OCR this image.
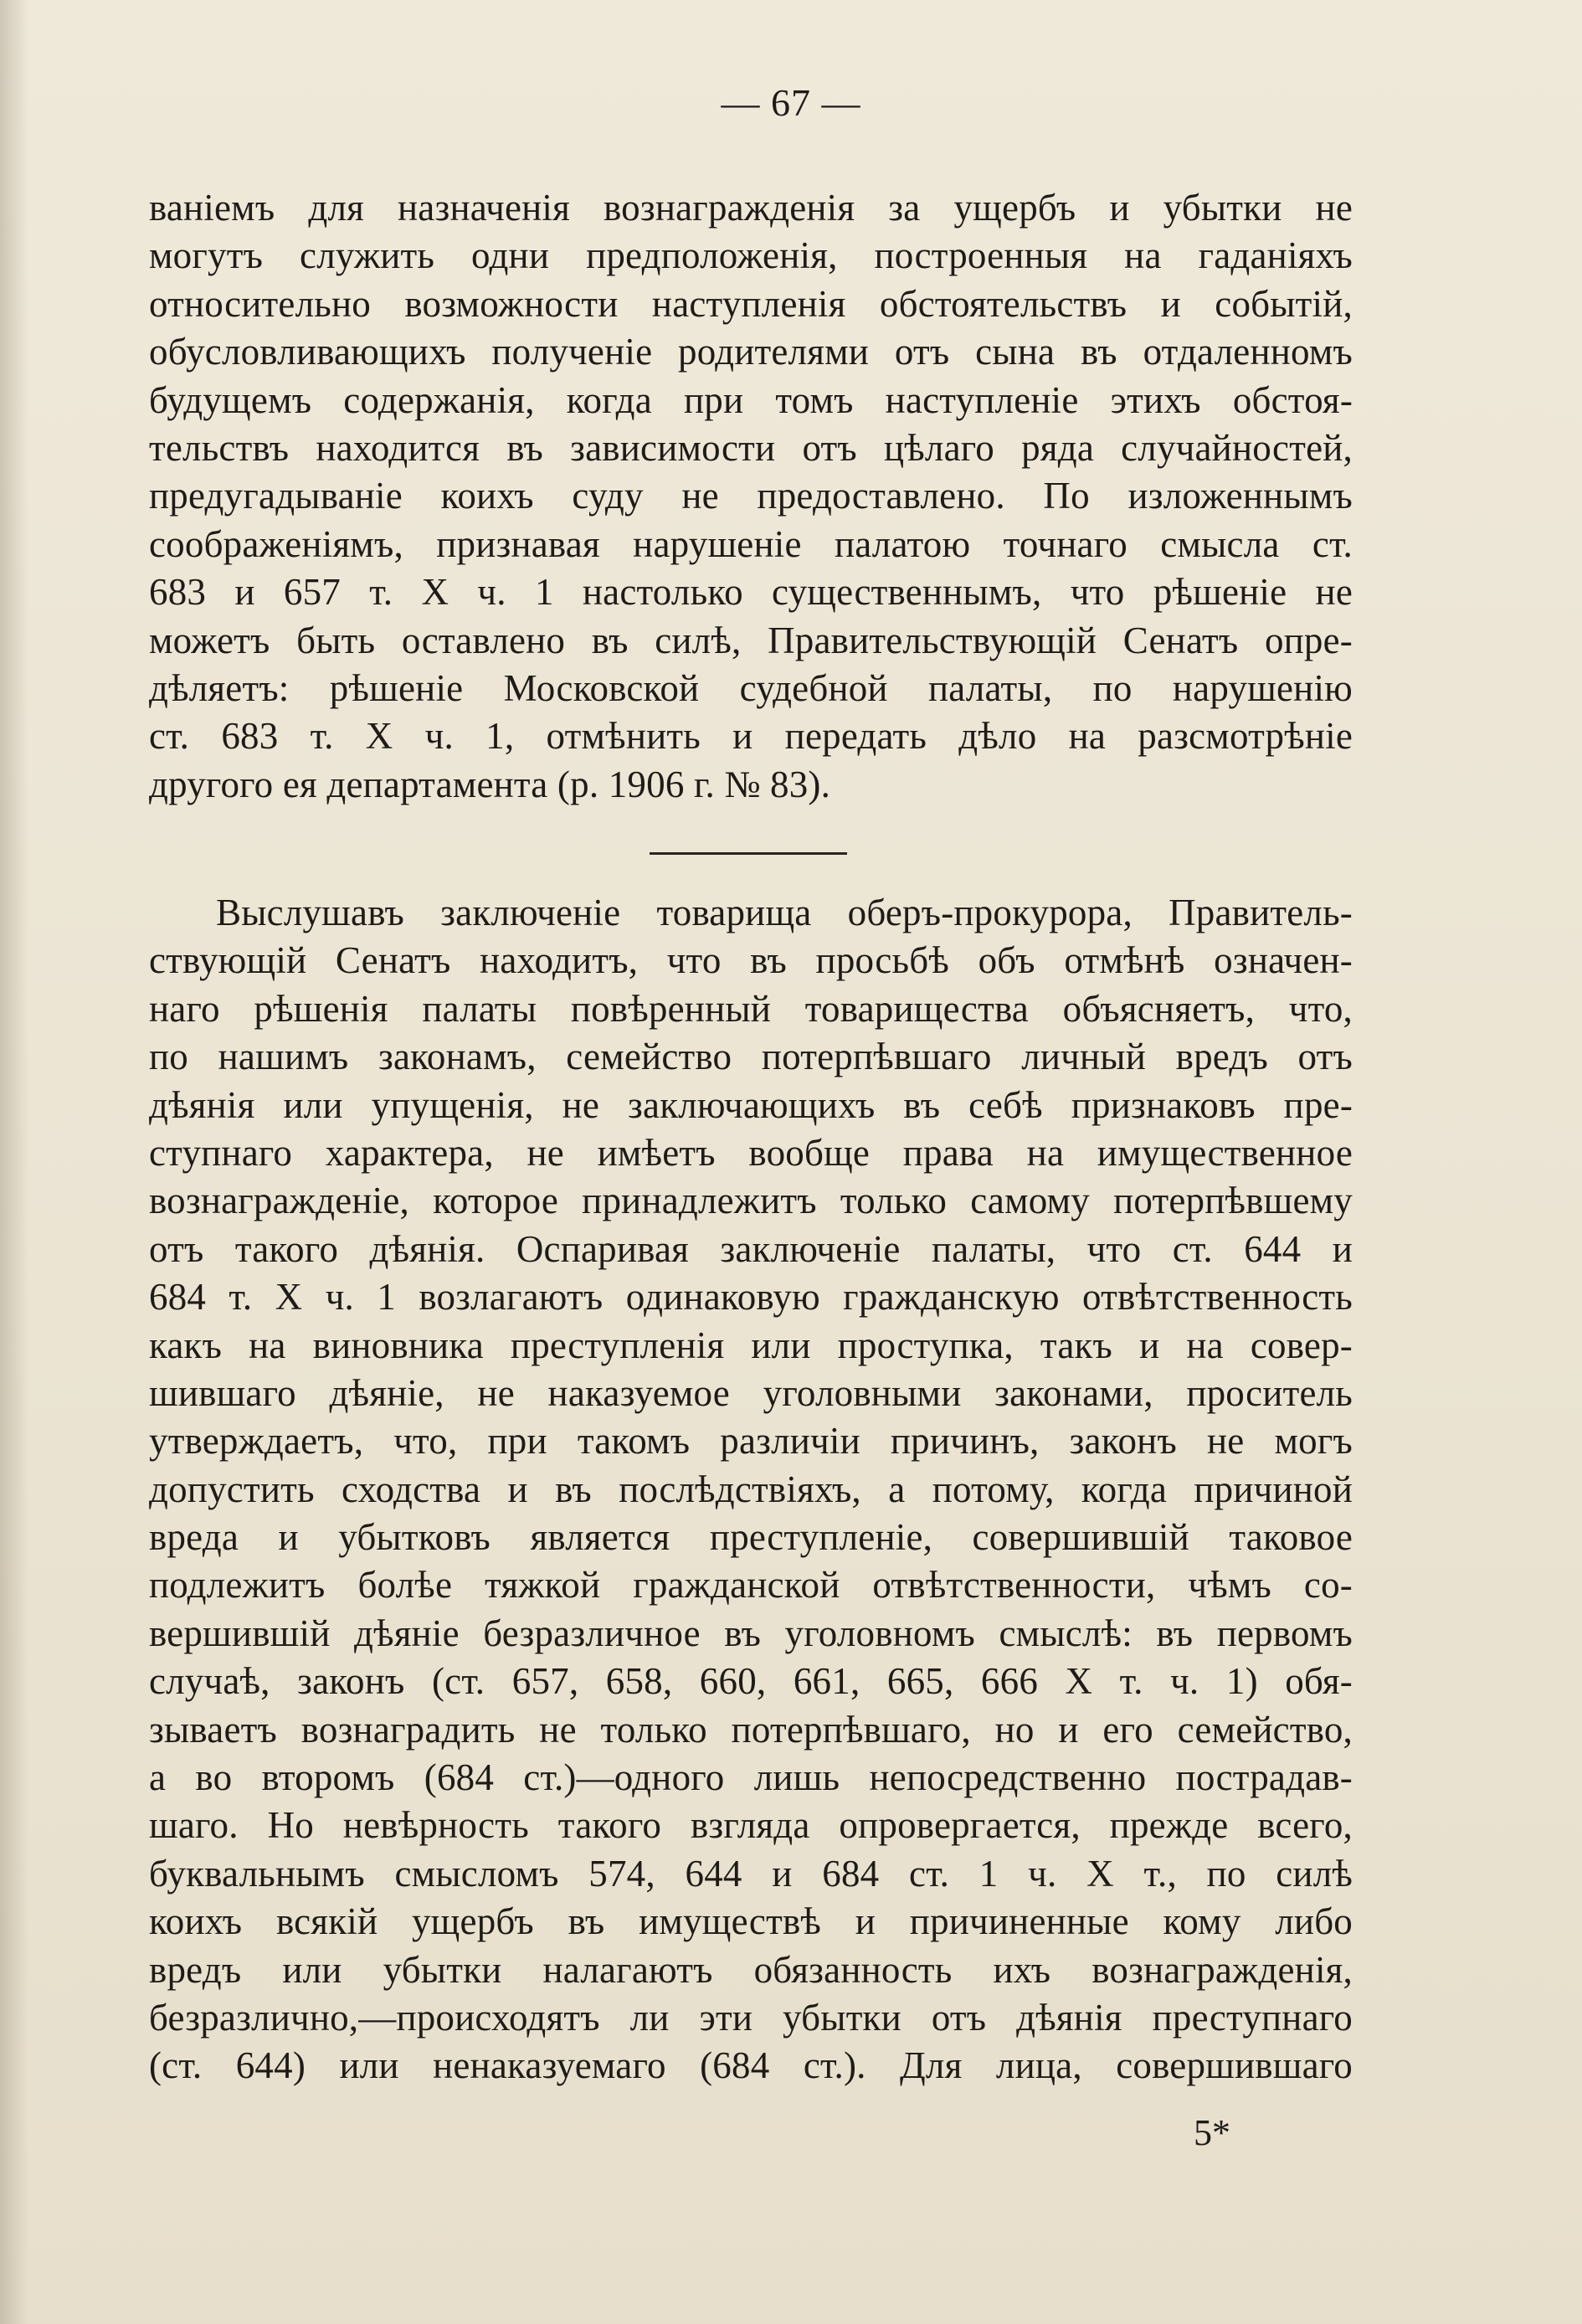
— 67 —
ваніемъ для назначенія вознагражденія за ущербъ и убытки не
могутъ служить одни предположенія, построенныя на гаданіяхъ
относительно возможности наступленія обстоятельствъ и событій,
обусловливающихъ полученіе родителями отъ сына въ отдаленномъ
будущемъ содержанія, когда при томъ наступленіе этихъ обстоя-
тельствъ находится въ зависимости отъ цѣлаго ряда случайностей,
предугадываніе коихъ суду не предоставлено. По изложеннымъ
соображеніямъ, признавая нарушеніе палатою точнаго смысла ст.
683 и 657 т. X ч. 1 настолько существеннымъ, что рѣшеніе не
можетъ быть оставлено въ силѣ, Правительствующій Сенатъ опре-
дѣляетъ: рѣшеніе Московской судебной палаты, по нарушенію
ст. 683 т. X ч. 1, отмѣнить и передать дѣло на разсмотрѣніе
другого ея департамента (р. 1906 г. № 83).
Выслушавъ заключеніе товарища оберъ-прокурора, Правитель-
ствующій Сенатъ находитъ, что въ просьбѣ объ отмѣнѣ означен-
наго рѣшенія палаты повѣренный товарищества объясняетъ, что,
по нашимъ законамъ, семейство потерпѣвшаго личный вредъ отъ
дѣянія или упущенія, не заключающихъ въ себѣ признаковъ пре-
ступнаго характера, не имѣетъ вообще права на имущественное
вознагражденіе, которое принадлежитъ только самому потерпѣвшему
отъ такого дѣянія. Оспаривая заключеніе палаты, что ст. 644 и
684 т. X ч. 1 возлагаютъ одинаковую гражданскую отвѣтственность
какъ на виновника преступленія или проступка, такъ и на совер-
шившаго дѣяніе, не наказуемое уголовными законами, проситель
утверждаетъ, что, при такомъ различіи причинъ, законъ не могъ
допустить сходства и въ послѣдствіяхъ, а потому, когда причиной
вреда и убытковъ является преступленіе, совершившій таковое
подлежитъ болѣе тяжкой гражданской отвѣтственности, чѣмъ со-
вершившій дѣяніе безразличное въ уголовномъ смыслѣ: въ первомъ
случаѣ, законъ (ст. 657, 658, 660, 661, 665, 666 X т. ч. 1) обя-
зываетъ вознаградить не только потерпѣвшаго, но и его семейство,
а во второмъ (684 ст.)—одного лишь непосредственно пострадав-
шаго. Но невѣрность такого взгляда опровергается, прежде всего,
буквальнымъ смысломъ 574, 644 и 684 ст. 1 ч. X т., по силѣ
коихъ всякій ущербъ въ имуществѣ и причиненные кому либо
вредъ или убытки налагаютъ обязанность ихъ вознагражденія,
безразлично,—происходятъ ли эти убытки отъ дѣянія преступнаго
(ст. 644) или ненаказуемаго (684 ст.). Для лица, совершившаго
5*
